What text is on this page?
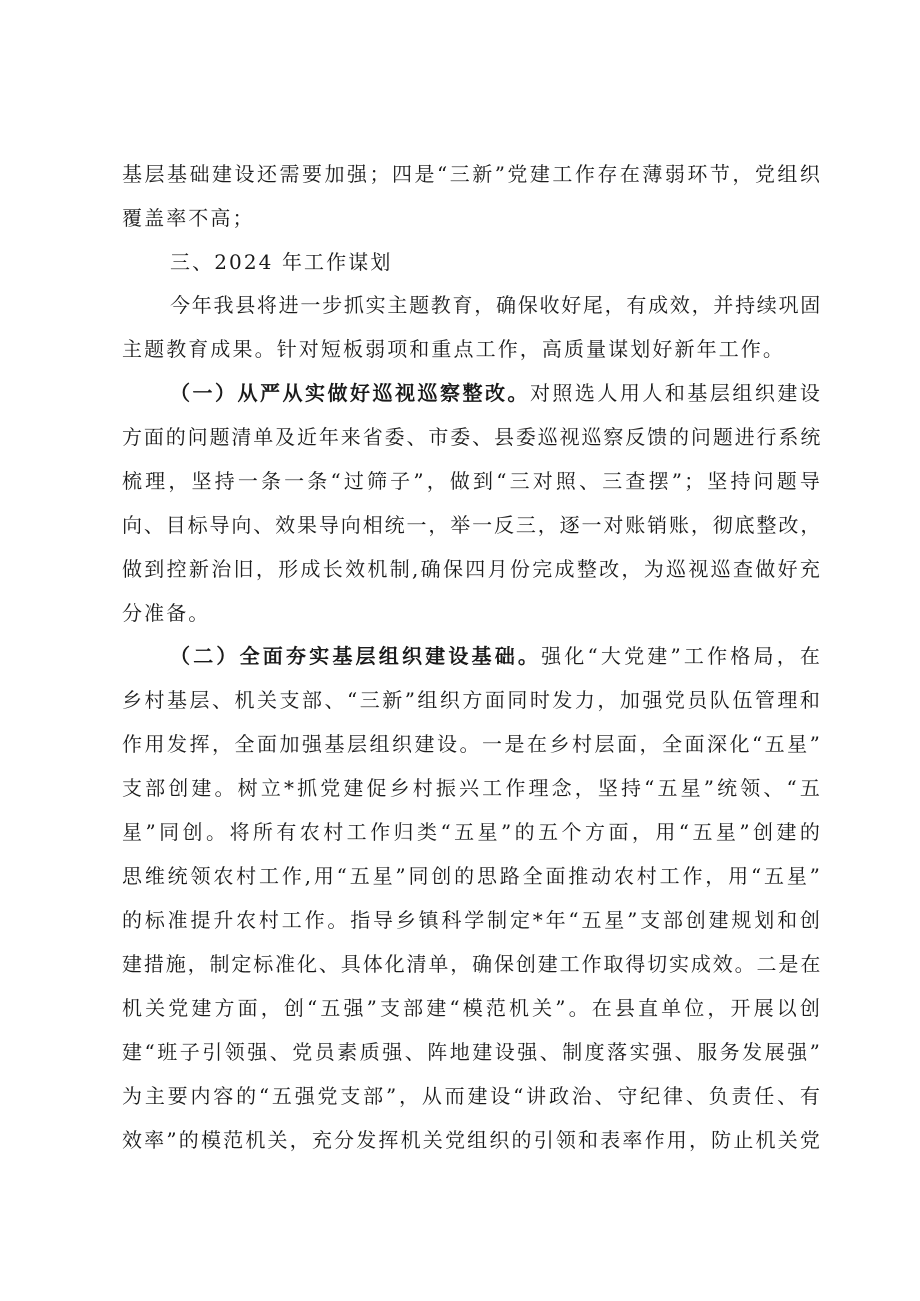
基层基础建设还需要加强；四是“三新”党建工作存在薄弱环节，党组织
覆盖率不高；
三、2024 年工作谋划
今年我县将进一步抓实主题教育，确保收好尾，有成效，并持续巩固
主题教育成果。针对短板弱项和重点工作，高质量谋划好新年工作。
（一）从严从实做好巡视巡察整改。对照选人用人和基层组织建设
方面的问题清单及近年来省委、市委、县委巡视巡察反馈的问题进行系统
梳理，坚持一条一条“过筛子”，做到“三对照、三查摆”；坚持问题导
向、目标导向、效果导向相统一，举一反三，逐一对账销账，彻底整改，
做到控新治旧，形成长效机制,确保四月份完成整改，为巡视巡查做好充
分准备。
（二）全面夯实基层组织建设基础。强化“大党建”工作格局，在
乡村基层、机关支部、“三新”组织方面同时发力，加强党员队伍管理和
作用发挥，全面加强基层组织建设。一是在乡村层面，全面深化“五星”
支部创建。树立*抓党建促乡村振兴工作理念，坚持“五星”统领、“五
星”同创。将所有农村工作归类“五星”的五个方面，用“五星”创建的
思维统领农村工作,用“五星”同创的思路全面推动农村工作，用“五星”
的标准提升农村工作。指导乡镇科学制定*年“五星”支部创建规划和创
建措施，制定标准化、具体化清单，确保创建工作取得切实成效。二是在
机关党建方面，创“五强”支部建“模范机关”。在县直单位，开展以创
建“班子引领强、党员素质强、阵地建设强、制度落实强、服务发展强”
为主要内容的“五强党支部”，从而建设“讲政治、守纪律、负责任、有
效率”的模范机关，充分发挥机关党组织的引领和表率作用，防止机关党
